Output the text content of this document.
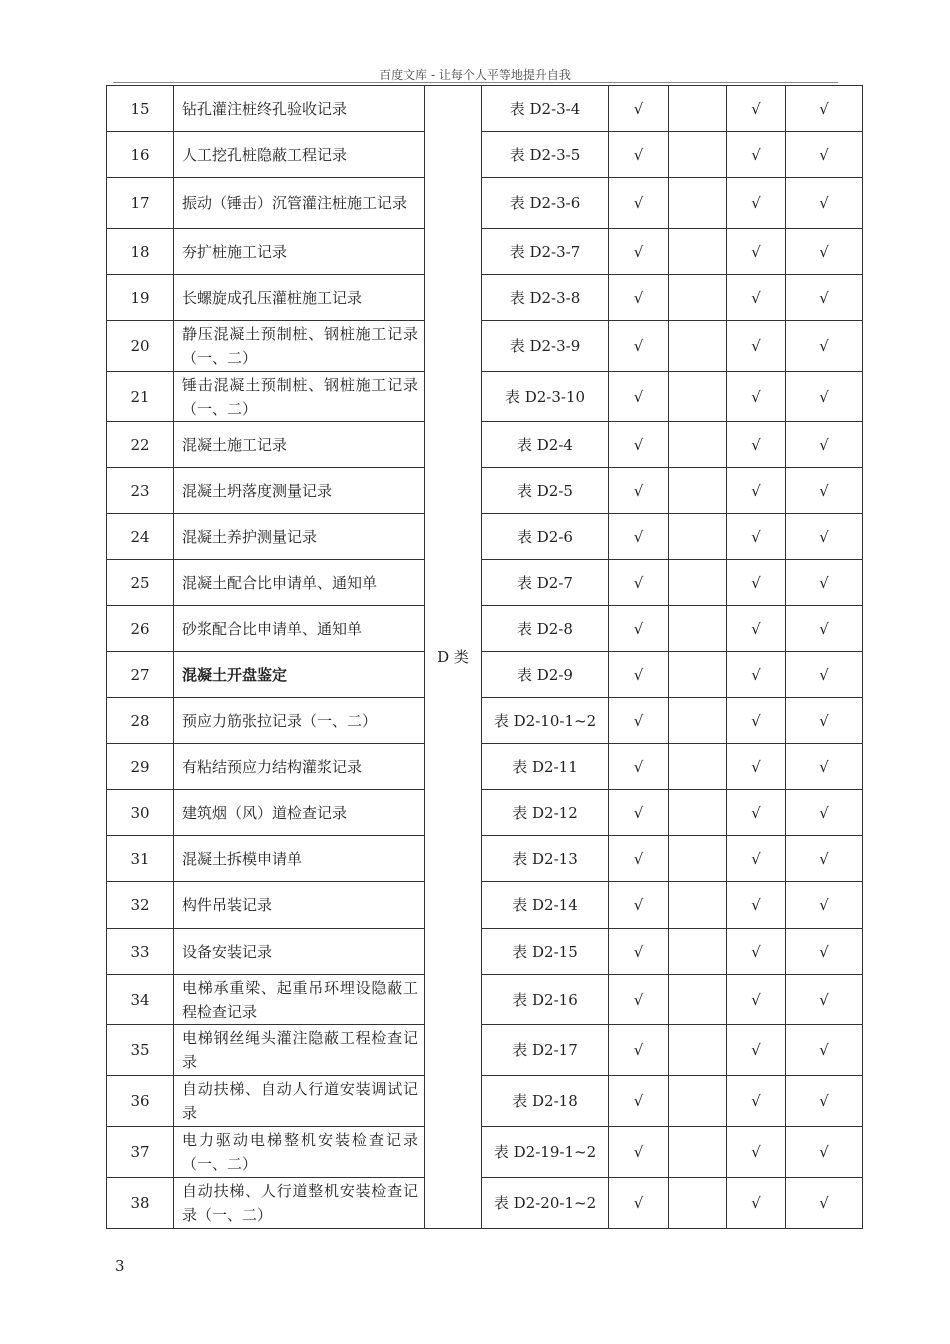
百度文库 - 让每个人平等地提升自我
15	钻孔灌注桩终孔验收记录	D 类	表 D2-3-4	√		√	√
16	人工挖孔桩隐蔽工程记录		表 D2-3-5	√		√	√
17	振动（锤击）沉管灌注桩施工记录		表 D2-3-6	√		√	√
18	夯扩桩施工记录		表 D2-3-7	√		√	√
19	长螺旋成孔压灌桩施工记录		表 D2-3-8	√		√	√
20	静压混凝土预制桩、钢桩施工记录（一、二）		表 D2-3-9	√		√	√
21	锤击混凝土预制桩、钢桩施工记录（一、二）		表 D2-3-10	√		√	√
22	混凝土施工记录		表 D2-4	√		√	√
23	混凝土坍落度测量记录		表 D2-5	√		√	√
24	混凝土养护测量记录		表 D2-6	√		√	√
25	混凝土配合比申请单、通知单		表 D2-7	√		√	√
26	砂浆配合比申请单、通知单		表 D2-8	√		√	√
27	混凝土开盘鉴定		表 D2-9	√		√	√
28	预应力筋张拉记录（一、二）		表 D2-10-1~2	√		√	√
29	有粘结预应力结构灌浆记录		表 D2-11	√		√	√
30	建筑烟（风）道检查记录		表 D2-12	√		√	√
31	混凝土拆模申请单		表 D2-13	√		√	√
32	构件吊装记录		表 D2-14	√		√	√
33	设备安装记录		表 D2-15	√		√	√
34	电梯承重梁、起重吊环埋设隐蔽工程检查记录		表 D2-16	√		√	√
35	电梯钢丝绳头灌注隐蔽工程检查记录		表 D2-17	√		√	√
36	自动扶梯、自动人行道安装调试记录		表 D2-18	√		√	√
37	电力驱动电梯整机安装检查记录（一、二）		表 D2-19-1~2	√		√	√
38	自动扶梯、人行道整机安装检查记录（一、二）		表 D2-20-1~2	√		√	√
3
